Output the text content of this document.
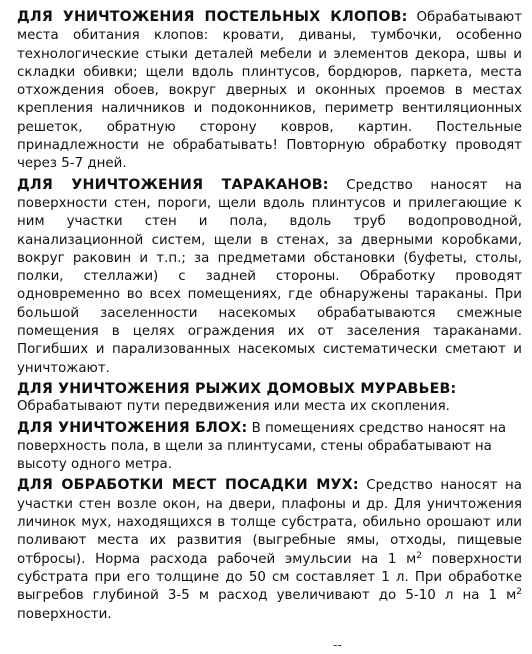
ДЛЯ УНИЧТОЖЕНИЯ ПОСТЕЛЬНЫХ КЛОПОВ: Обрабатывают места обитания клопов: кровати, диваны, тумбочки, особенно технологические стыки деталей мебели и элементов декора, швы и складки обивки; щели вдоль плинтусов, бордюров, паркета, места отхождения обоев, вокруг дверных и оконных проемов в местах крепления наличников и подоконников, периметр вентиляционных решеток, обратную сторону ковров, картин. Постельные принадлежности не обрабатывать! Повторную обработку проводят через 5-7 дней.
ДЛЯ УНИЧТОЖЕНИЯ ТАРАКАНОВ: Средство наносят на поверхности стен, пороги, щели вдоль плинтусов и прилегающие к ним участки стен и пола, вдоль труб водопроводной, канализационной систем, щели в стенах, за дверными коробками, вокруг раковин и т.п.; за предметами обстановки (буфеты, столы, полки, стеллажи) с задней стороны. Обработку проводят одновременно во всех помещениях, где обнаружены тараканы. При большой заселенности насекомых обрабатываются смежные помещения в целях ограждения их от заселения тараканами. Погибших и парализованных насекомых систематически сметают и уничтожают.
ДЛЯ УНИЧТОЖЕНИЯ РЫЖИХ ДОМОВЫХ МУРАВЬЕВ:
Обрабатывают пути передвижения или места их скопления.
ДЛЯ УНИЧТОЖЕНИЯ БЛОХ: В помещениях средство наносят на поверхность пола, в щели за плинтусами, стены обрабатывают на высоту одного метра.
ДЛЯ ОБРАБОТКИ МЕСТ ПОСАДКИ МУХ: Средство наносят на участки стен возле окон, на двери, плафоны и др. Для уничтожения личинок мух, находящихся в толще субстрата, обильно орошают или поливают места их развития (выгребные ямы, отходы, пищевые отбросы). Норма расхода рабочей эмульсии на 1 $м^2$ поверхности субстрата при его толщине до 50 см составляет 1 л. При обработке выгребов глубиной 3-5 м расход увеличивают до 5-10 л на 1 $м^2$ поверхности.
--
